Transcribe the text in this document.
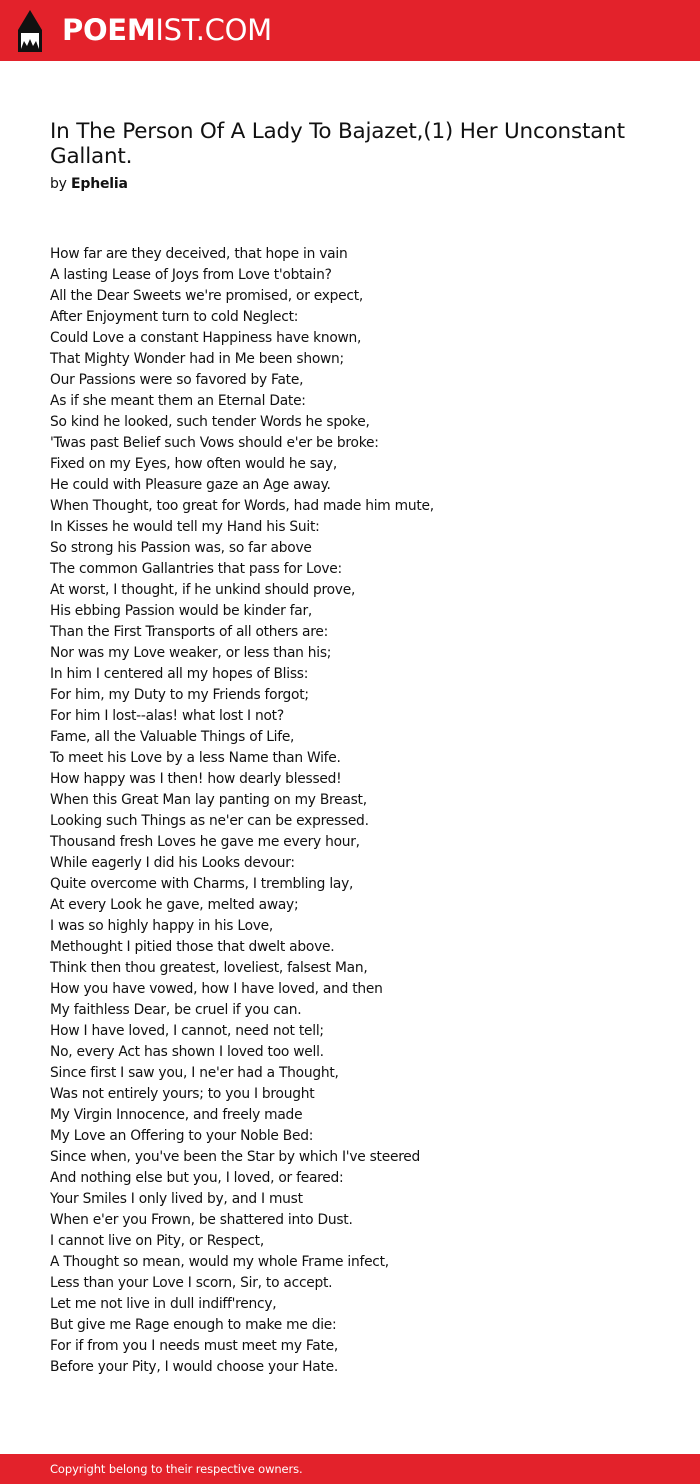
POEMIST.COM
In The Person Of A Lady To Bajazet,(1) Her Unconstant Gallant.
by Ephelia
How far are they deceived, that hope in vain
A lasting Lease of Joys from Love t'obtain?
All the Dear Sweets we're promised, or expect,
After Enjoyment turn to cold Neglect:
Could Love a constant Happiness have known,
That Mighty Wonder had in Me been shown;
Our Passions were so favored by Fate,
As if she meant them an Eternal Date:
So kind he looked, such tender Words he spoke,
'Twas past Belief such Vows should e'er be broke:
Fixed on my Eyes, how often would he say,
He could with Pleasure gaze an Age away.
When Thought, too great for Words, had made him mute,
In Kisses he would tell my Hand his Suit:
So strong his Passion was, so far above
The common Gallantries that pass for Love:
At worst, I thought, if he unkind should prove,
His ebbing Passion would be kinder far,
Than the First Transports of all others are:
Nor was my Love weaker, or less than his;
In him I centered all my hopes of Bliss:
For him, my Duty to my Friends forgot;
For him I lost--alas! what lost I not?
Fame, all the Valuable Things of Life,
To meet his Love by a less Name than Wife.
How happy was I then! how dearly blessed!
When this Great Man lay panting on my Breast,
Looking such Things as ne'er can be expressed.
Thousand fresh Loves he gave me every hour,
While eagerly I did his Looks devour:
Quite overcome with Charms, I trembling lay,
At every Look he gave, melted away;
I was so highly happy in his Love,
Methought I pitied those that dwelt above.
Think then thou greatest, loveliest, falsest Man,
How you have vowed, how I have loved, and then
My faithless Dear, be cruel if you can.
How I have loved, I cannot, need not tell;
No, every Act has shown I loved too well.
Since first I saw you, I ne'er had a Thought,
Was not entirely yours; to you I brought
My Virgin Innocence, and freely made
My Love an Offering to your Noble Bed:
Since when, you've been the Star by which I've steered
And nothing else but you, I loved, or feared:
Your Smiles I only lived by, and I must
When e'er you Frown, be shattered into Dust.
I cannot live on Pity, or Respect,
A Thought so mean, would my whole Frame infect,
Less than your Love I scorn, Sir, to accept.
Let me not live in dull indiff'rency,
But give me Rage enough to make me die:
For if from you I needs must meet my Fate,
Before your Pity, I would choose your Hate.
Copyright belong to their respective owners.
